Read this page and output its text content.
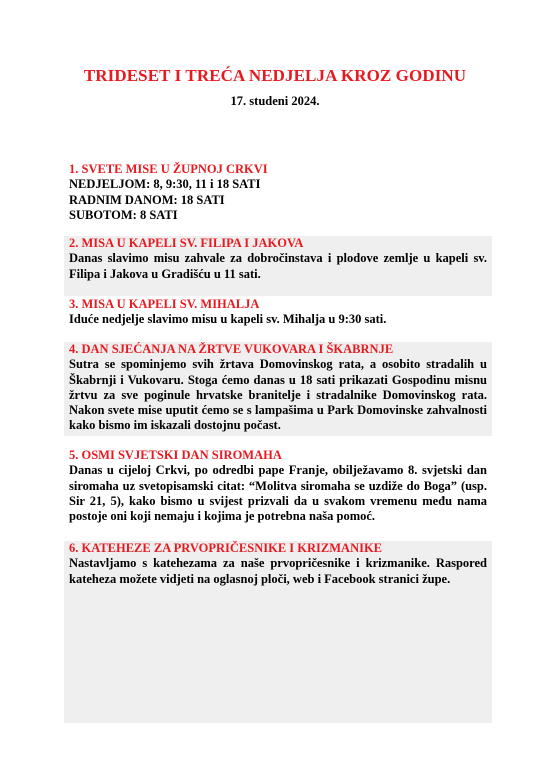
TRIDESET I TREĆA NEDJELJA KROZ GODINU
17. studeni 2024.
1. SVETE MISE U ŽUPNOJ CRKVI
NEDJELJOM: 8, 9:30, 11 i 18 SATI
RADNIM DANOM: 18 SATI
SUBOTOM: 8 SATI
2. MISA U KAPELI SV. FILIPA I JAKOVA
Danas slavimo misu zahvale za dobročinstava i plodove zemlje u kapeli sv. Filipa i Jakova u Gradišću u 11 sati.
3. MISA U KAPELI SV. MIHALJA
Iduće nedjelje slavimo misu u kapeli sv. Mihalja u 9:30 sati.
4. DAN SJEĆANJA NA ŽRTVE VUKOVARA I ŠKABRNJE
Sutra se spominjemo svih žrtava Domovinskog rata, a osobito stradalih u Škabrnji i Vukovaru. Stoga ćemo danas u 18 sati prikazati Gospodinu misnu žrtvu za sve poginule hrvatske branitelje i stradalnike Domovinskog rata. Nakon svete mise uputit ćemo se s lampašima u Park Domovinske zahvalnosti kako bismo im iskazali dostojnu počast.
5. OSMI SVJETSKI DAN SIROMAHA
Danas u cijeloj Crkvi, po odredbi pape Franje, obilježavamo 8. svjetski dan siromaha uz svetopisamski citat: “Molitva siromaha se uzdiže do Boga” (usp. Sir 21, 5), kako bismo u svijest prizvali da u svakom vremenu među nama postoje oni koji nemaju i kojima je potrebna naša pomoć.
6. KATEHEZE ZA PRVOPRIČESNIKE I KRIZMANIKE
Nastavljamo s katehezama za naše prvopričesnike i krizmanike. Raspored kateheza možete vidjeti na oglasnoj ploči, web i Facebook stranici župe.
